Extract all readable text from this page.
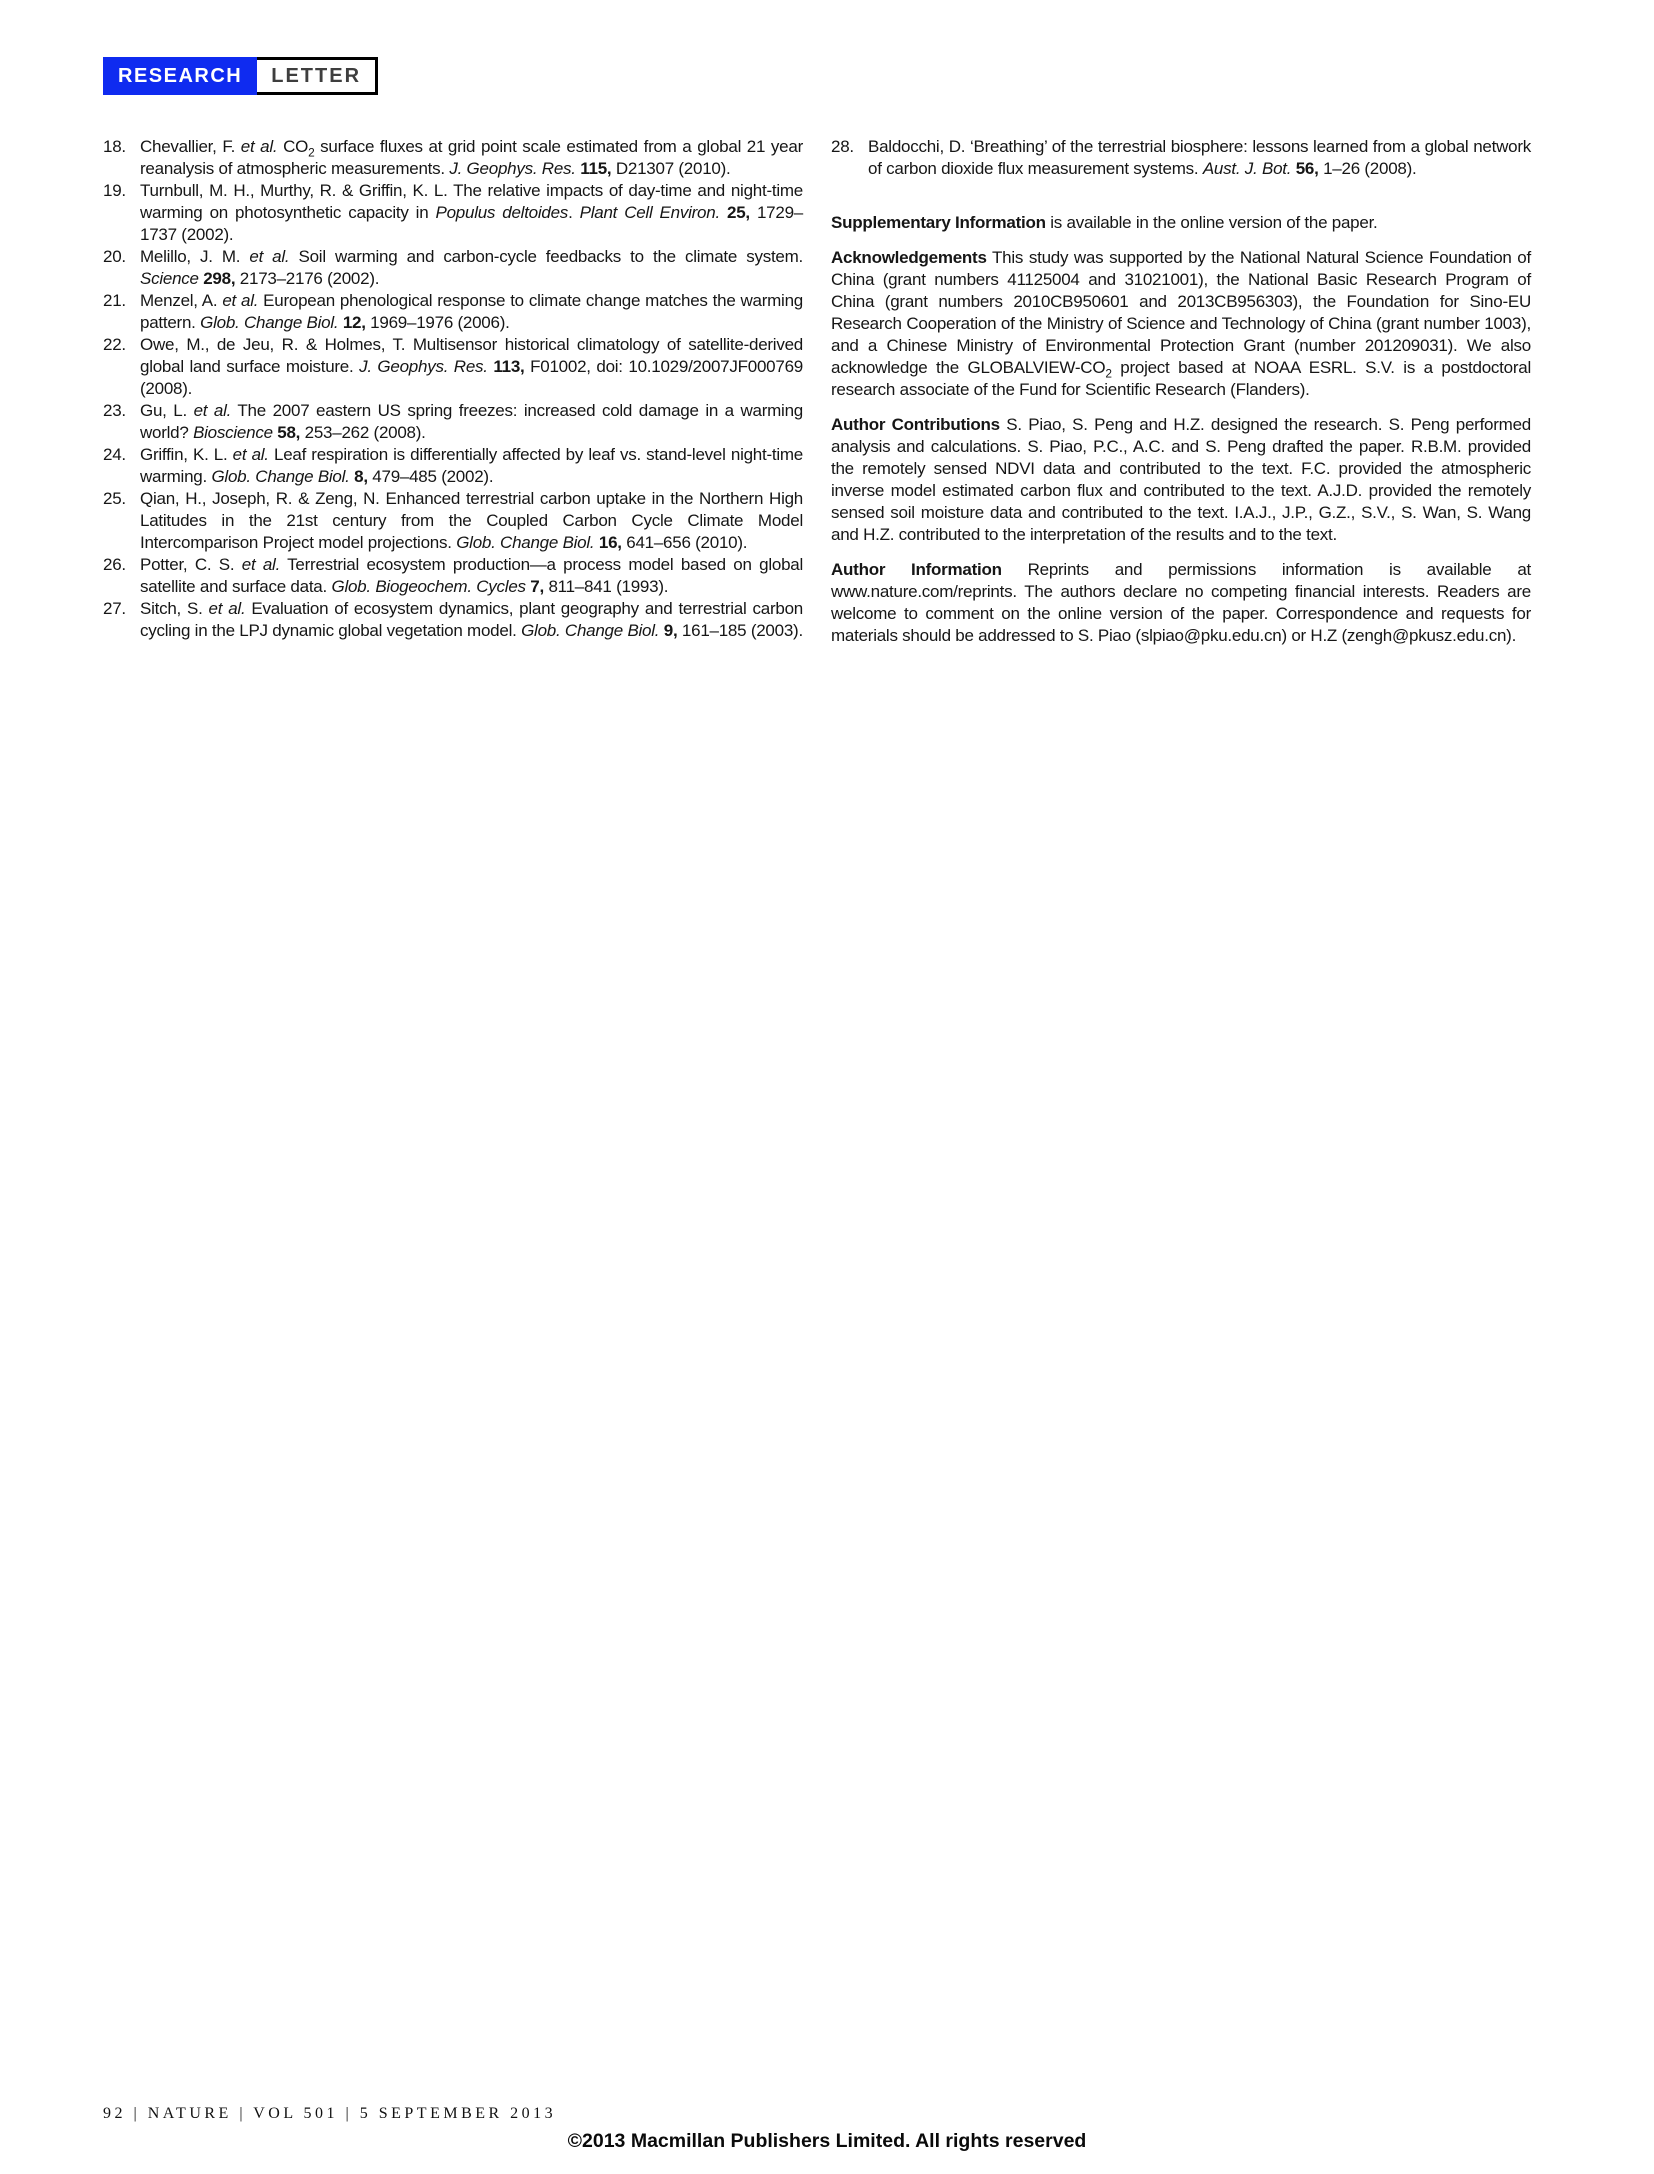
RESEARCH	LETTER
18. Chevallier, F. et al. $CO_2$ surface fluxes at grid point scale estimated from a global 21 year reanalysis of atmospheric measurements. J. Geophys. Res. 115, D21307 (2010).
19. Turnbull, M. H., Murthy, R. & Griffin, K. L. The relative impacts of day-time and night-time warming on photosynthetic capacity in Populus deltoides. Plant Cell Environ. 25, 1729–1737 (2002).
20. Melillo, J. M. et al. Soil warming and carbon-cycle feedbacks to the climate system. Science 298, 2173–2176 (2002).
21. Menzel, A. et al. European phenological response to climate change matches the warming pattern. Glob. Change Biol. 12, 1969–1976 (2006).
22. Owe, M., de Jeu, R. & Holmes, T. Multisensor historical climatology of satellite-derived global land surface moisture. J. Geophys. Res. 113, F01002, doi: 10.1029/2007JF000769 (2008).
23. Gu, L. et al. The 2007 eastern US spring freezes: increased cold damage in a warming world? Bioscience 58, 253–262 (2008).
24. Griffin, K. L. et al. Leaf respiration is differentially affected by leaf vs. stand-level night-time warming. Glob. Change Biol. 8, 479–485 (2002).
25. Qian, H., Joseph, R. & Zeng, N. Enhanced terrestrial carbon uptake in the Northern High Latitudes in the 21st century from the Coupled Carbon Cycle Climate Model Intercomparison Project model projections. Glob. Change Biol. 16, 641–656 (2010).
26. Potter, C. S. et al. Terrestrial ecosystem production—a process model based on global satellite and surface data. Glob. Biogeochem. Cycles 7, 811–841 (1993).
27. Sitch, S. et al. Evaluation of ecosystem dynamics, plant geography and terrestrial carbon cycling in the LPJ dynamic global vegetation model. Glob. Change Biol. 9, 161–185 (2003).
28. Baldocchi, D. ‘Breathing’ of the terrestrial biosphere: lessons learned from a global network of carbon dioxide flux measurement systems. Aust. J. Bot. 56, 1–26 (2008).

Supplementary Information is available in the online version of the paper.

Acknowledgements This study was supported by the National Natural Science Foundation of China (grant numbers 41125004 and 31021001), the National Basic Research Program of China (grant numbers 2010CB950601 and 2013CB956303), the Foundation for Sino-EU Research Cooperation of the Ministry of Science and Technology of China (grant number 1003), and a Chinese Ministry of Environmental Protection Grant (number 201209031). We also acknowledge the GLOBALVIEW-$CO_2$ project based at NOAA ESRL. S.V. is a postdoctoral research associate of the Fund for Scientific Research (Flanders).

Author Contributions S. Piao, S. Peng and H.Z. designed the research. S. Peng performed analysis and calculations. S. Piao, P.C., A.C. and S. Peng drafted the paper. R.B.M. provided the remotely sensed NDVI data and contributed to the text. F.C. provided the atmospheric inverse model estimated carbon flux and contributed to the text. A.J.D. provided the remotely sensed soil moisture data and contributed to the text. I.A.J., J.P., G.Z., S.V., S. Wan, S. Wang and H.Z. contributed to the interpretation of the results and to the text.

Author Information Reprints and permissions information is available at www.nature.com/reprints. The authors declare no competing financial interests. Readers are welcome to comment on the online version of the paper. Correspondence and requests for materials should be addressed to S. Piao (slpiao@pku.edu.cn) or H.Z (zengh@pkusz.edu.cn).

92 | NATURE | VOL 501 | 5 SEPTEMBER 2013
©2013 Macmillan Publishers Limited. All rights reserved
